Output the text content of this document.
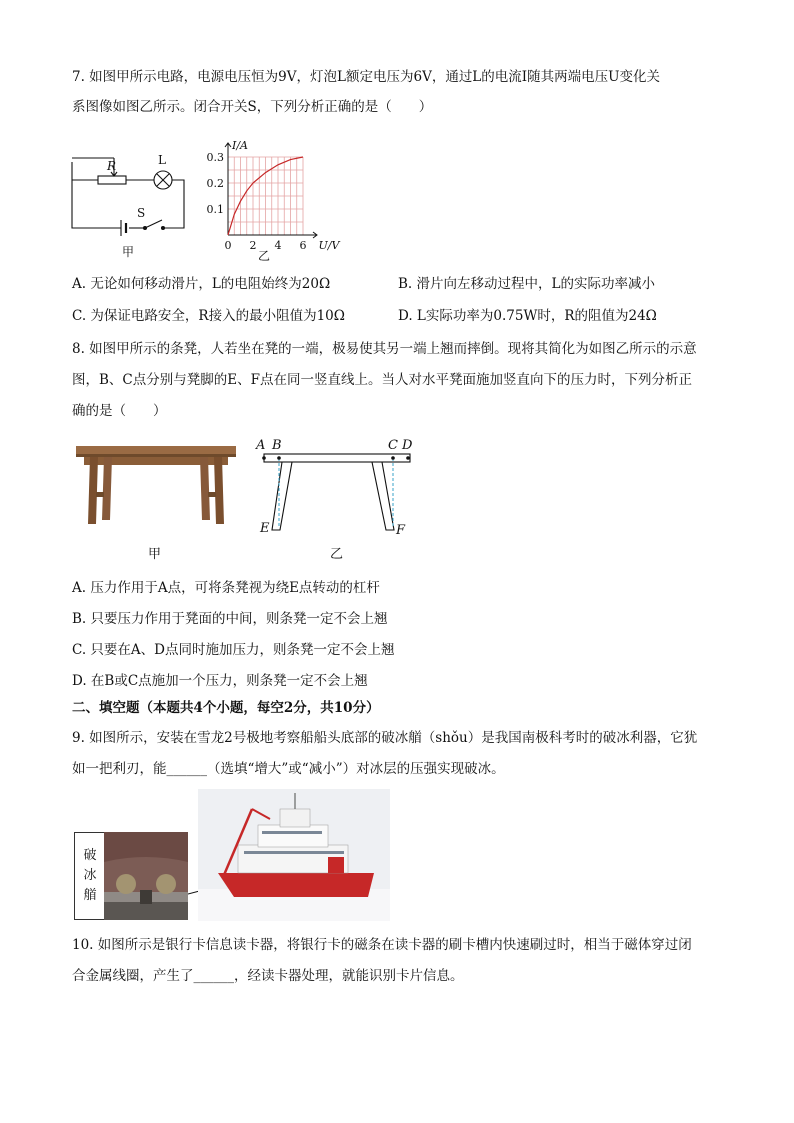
7. 如图甲所示电路，电源电压恒为9V，灯泡L额定电压为6V，通过L的电流I随其两端电压U变化关
系图像如图乙所示。闭合开关S，下列分析正确的是（　　）
R	L
S
甲	0 2 4 6
0.1
0.2
0.3
U/V
I/A
乙
A. 无论如何移动滑片，L的电阻始终为20Ω	B. 滑片向左移动过程中，L的实际功率减小
C. 为保证电路安全，R接入的最小阻值为10Ω	D. L实际功率为0.75W时，R的阻值为24Ω
8. 如图甲所示的条凳，人若坐在凳的一端，极易使其另一端上翘而摔倒。现将其简化为如图乙所示的示意
图，B、C点分别与凳脚的E、F点在同一竖直线上。当人对水平凳面施加竖直向下的压力时，下列分析正
确的是（　　）
甲
A B	C D
E	F
乙
A. 压力作用于A点，可将条凳视为绕E点转动的杠杆
B. 只要压力作用于凳面的中间，则条凳一定不会上翘
C. 只要在A、D点同时施加压力，则条凳一定不会上翘
D. 在B或C点施加一个压力，则条凳一定不会上翘
二、填空题（本题共4个小题，每空2分，共10分）
9. 如图所示，安装在雪龙2号极地考察船船头底部的破冰艏（shǒu）是我国南极科考时的破冰利器，它犹
如一把利刃，能______（选填“增大”或“减小”）对冰层的压强实现破冰。
破
冰
艏
10. 如图所示是银行卡信息读卡器，将银行卡的磁条在读卡器的刷卡槽内快速刷过时，相当于磁体穿过闭
合金属线圈，产生了______，经读卡器处理，就能识别卡片信息。
